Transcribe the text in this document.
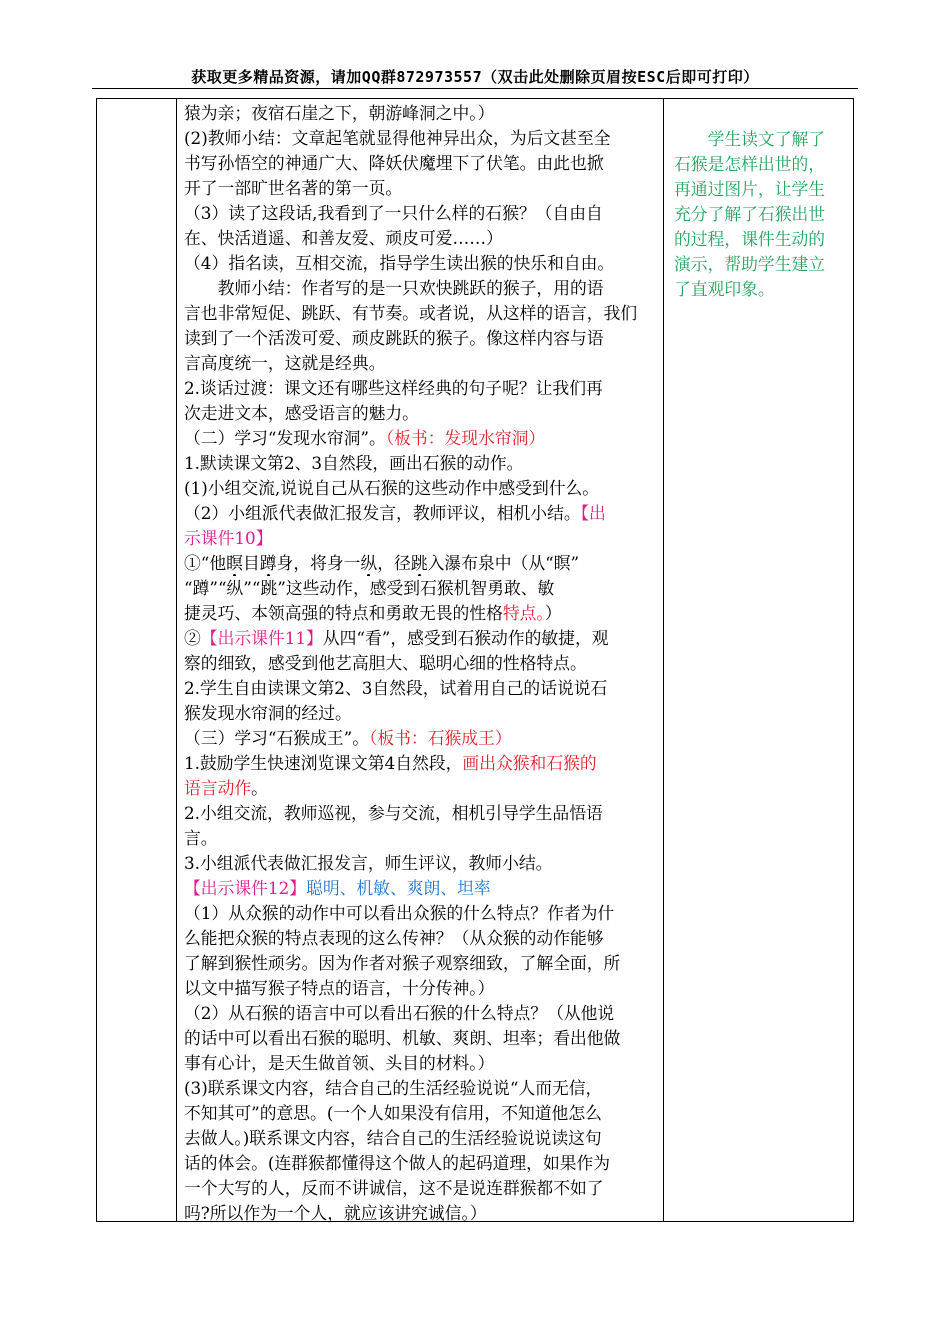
获取更多精品资源，请加QQ群872973557（双击此处删除页眉按ESC后即可打印）
猿为亲；夜宿石崖之下，朝游峰洞之中。）
(2)教师小结：文章起笔就显得他神异出众，为后文甚至全
书写孙悟空的神通广大、降妖伏魔埋下了伏笔。由此也掀
开了一部旷世名著的第一页。
（3）读了这段话,我看到了一只什么样的石猴？（自由自
在、快活逍遥、和善友爱、顽皮可爱……）
（4）指名读，互相交流，指导学生读出猴的快乐和自由。
　　教师小结：作者写的是一只欢快跳跃的猴子，用的语
言也非常短促、跳跃、有节奏。或者说，从这样的语言，我们
读到了一个活泼可爱、顽皮跳跃的猴子。像这样内容与语
言高度统一，这就是经典。
2.谈话过渡：课文还有哪些这样经典的句子呢？让我们再
次走进文本，感受语言的魅力。
（二）学习“发现水帘洞”。（板书：发现水帘洞）
1.默读课文第2、3自然段，画出石猴的动作。
(1)小组交流,说说自己从石猴的这些动作中感受到什么。
（2）小组派代表做汇报发言，教师评议，相机小结。【出
示课件10】
①“他瞑目蹲身，将身一纵，径跳入瀑布泉中（从“瞑”
“蹲”“纵”“跳”这些动作，感受到石猴机智勇敢、敏
捷灵巧、本领高强的特点和勇敢无畏的性格特点。）
②【出示课件11】从四“看”，感受到石猴动作的敏捷，观
察的细致，感受到他艺高胆大、聪明心细的性格特点。
2.学生自由读课文第2、3自然段，试着用自己的话说说石
猴发现水帘洞的经过。
（三）学习“石猴成王”。（板书：石猴成王）
1.鼓励学生快速浏览课文第4自然段，画出众猴和石猴的
语言动作。
2.小组交流，教师巡视，参与交流，相机引导学生品悟语
言。
3.小组派代表做汇报发言，师生评议，教师小结。
【出示课件12】聪明、机敏、爽朗、坦率
（1）从众猴的动作中可以看出众猴的什么特点？作者为什
么能把众猴的特点表现的这么传神？（从众猴的动作能够
了解到猴性顽劣。因为作者对猴子观察细致，了解全面，所
以文中描写猴子特点的语言，十分传神。）
（2）从石猴的语言中可以看出石猴的什么特点？（从他说
的话中可以看出石猴的聪明、机敏、爽朗、坦率；看出他做
事有心计，是天生做首领、头目的材料。）
(3)联系课文内容，结合自己的生活经验说说“人而无信，
不知其可”的意思。(一个人如果没有信用，不知道他怎么
去做人。)联系课文内容，结合自己的生活经验说说读这句
话的体会。(连群猴都懂得这个做人的起码道理，如果作为
一个大写的人，反而不讲诚信，这不是说连群猴都不如了
吗?所以作为一个人，就应该讲究诚信。）
　　学生读文了解了
石猴是怎样出世的，
再通过图片，让学生
充分了解了石猴出世
的过程，课件生动的
演示，帮助学生建立
了直观印象。
